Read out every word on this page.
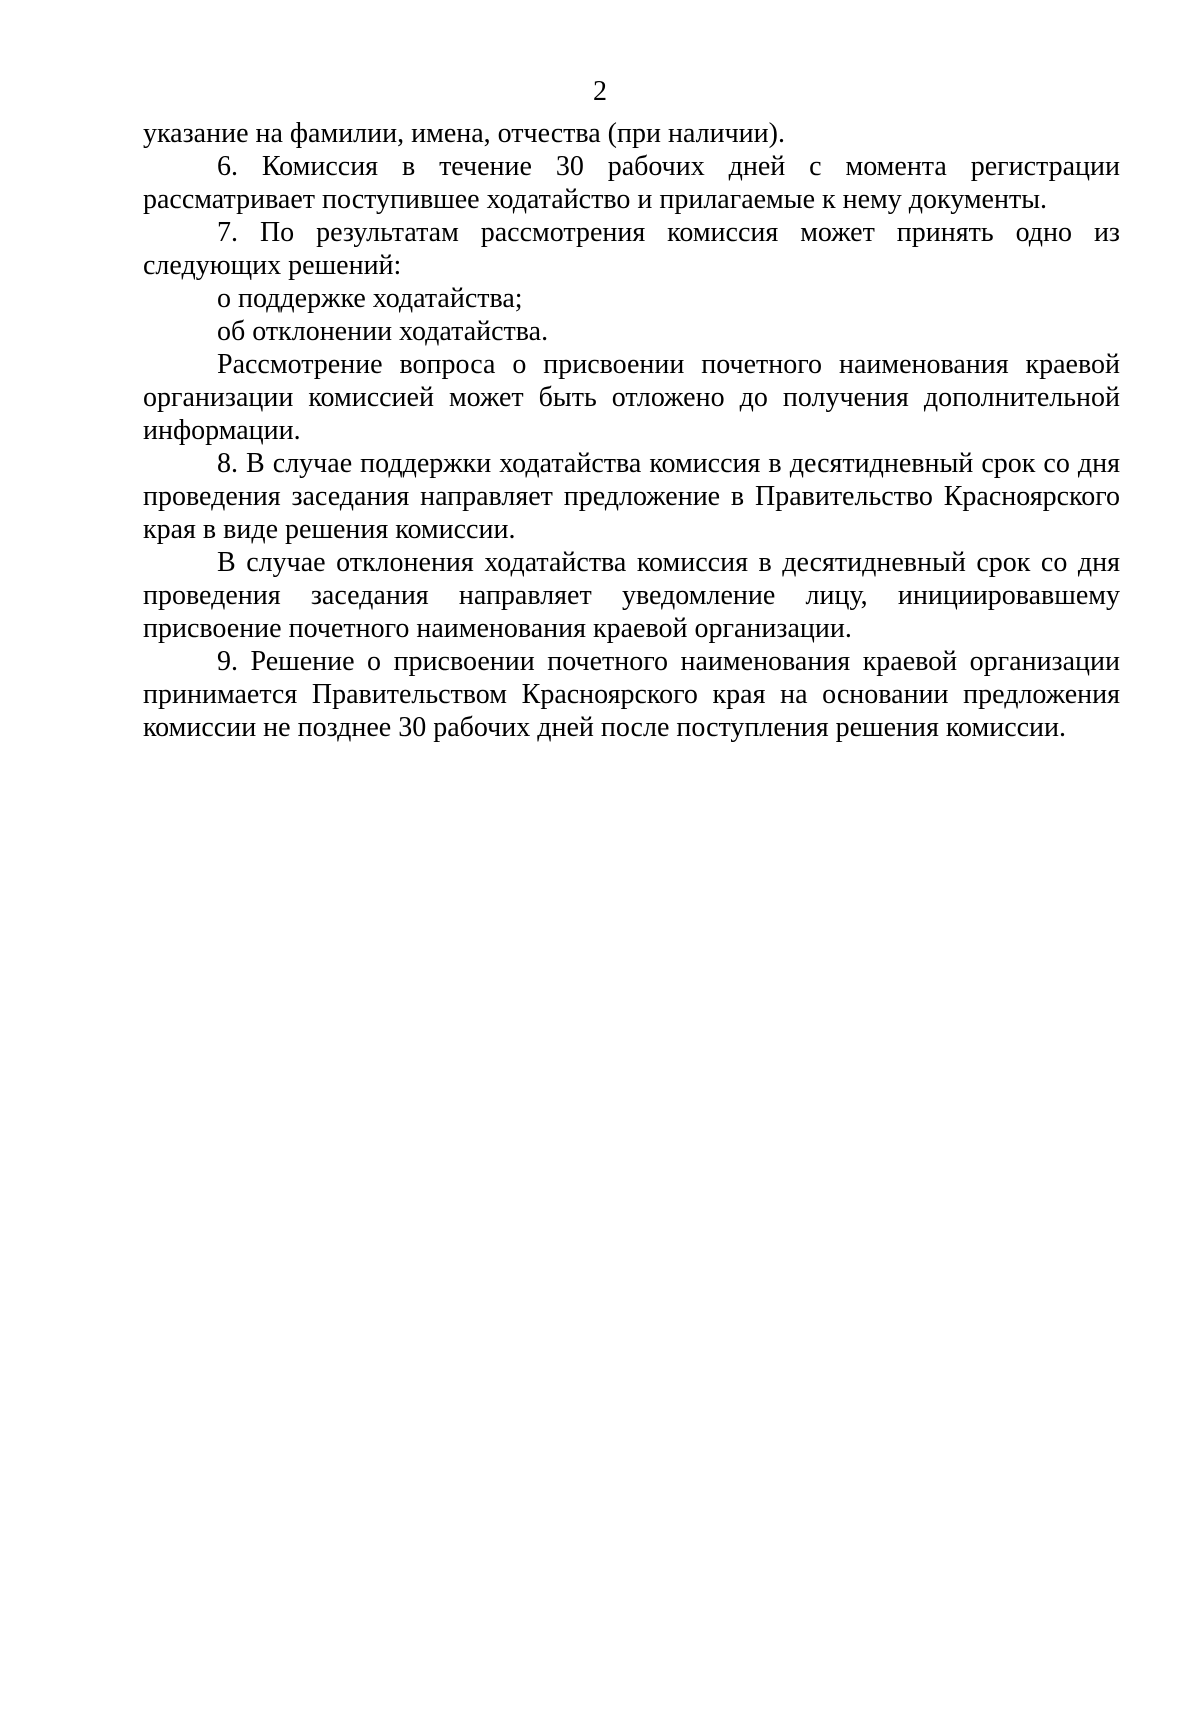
2

указание на фамилии, имена, отчества (при наличии).

6. Комиссия в течение 30 рабочих дней с момента регистрации рассматривает поступившее ходатайство и прилагаемые к нему документы.

7. По результатам рассмотрения комиссия может принять одно из следующих решений:

о поддержке ходатайства;

об отклонении ходатайства.

Рассмотрение вопроса о присвоении почетного наименования краевой организации комиссией может быть отложено до получения дополнительной информации.

8. В случае поддержки ходатайства комиссия в десятидневный срок со дня проведения заседания направляет предложение в Правительство Красноярского края в виде решения комиссии.

В случае отклонения ходатайства комиссия в десятидневный срок со дня проведения заседания направляет уведомление лицу, инициировавшему присвоение почетного наименования краевой организации.

9. Решение о присвоении почетного наименования краевой организации принимается Правительством Красноярского края на основании предложения комиссии не позднее 30 рабочих дней после поступления решения комиссии.
